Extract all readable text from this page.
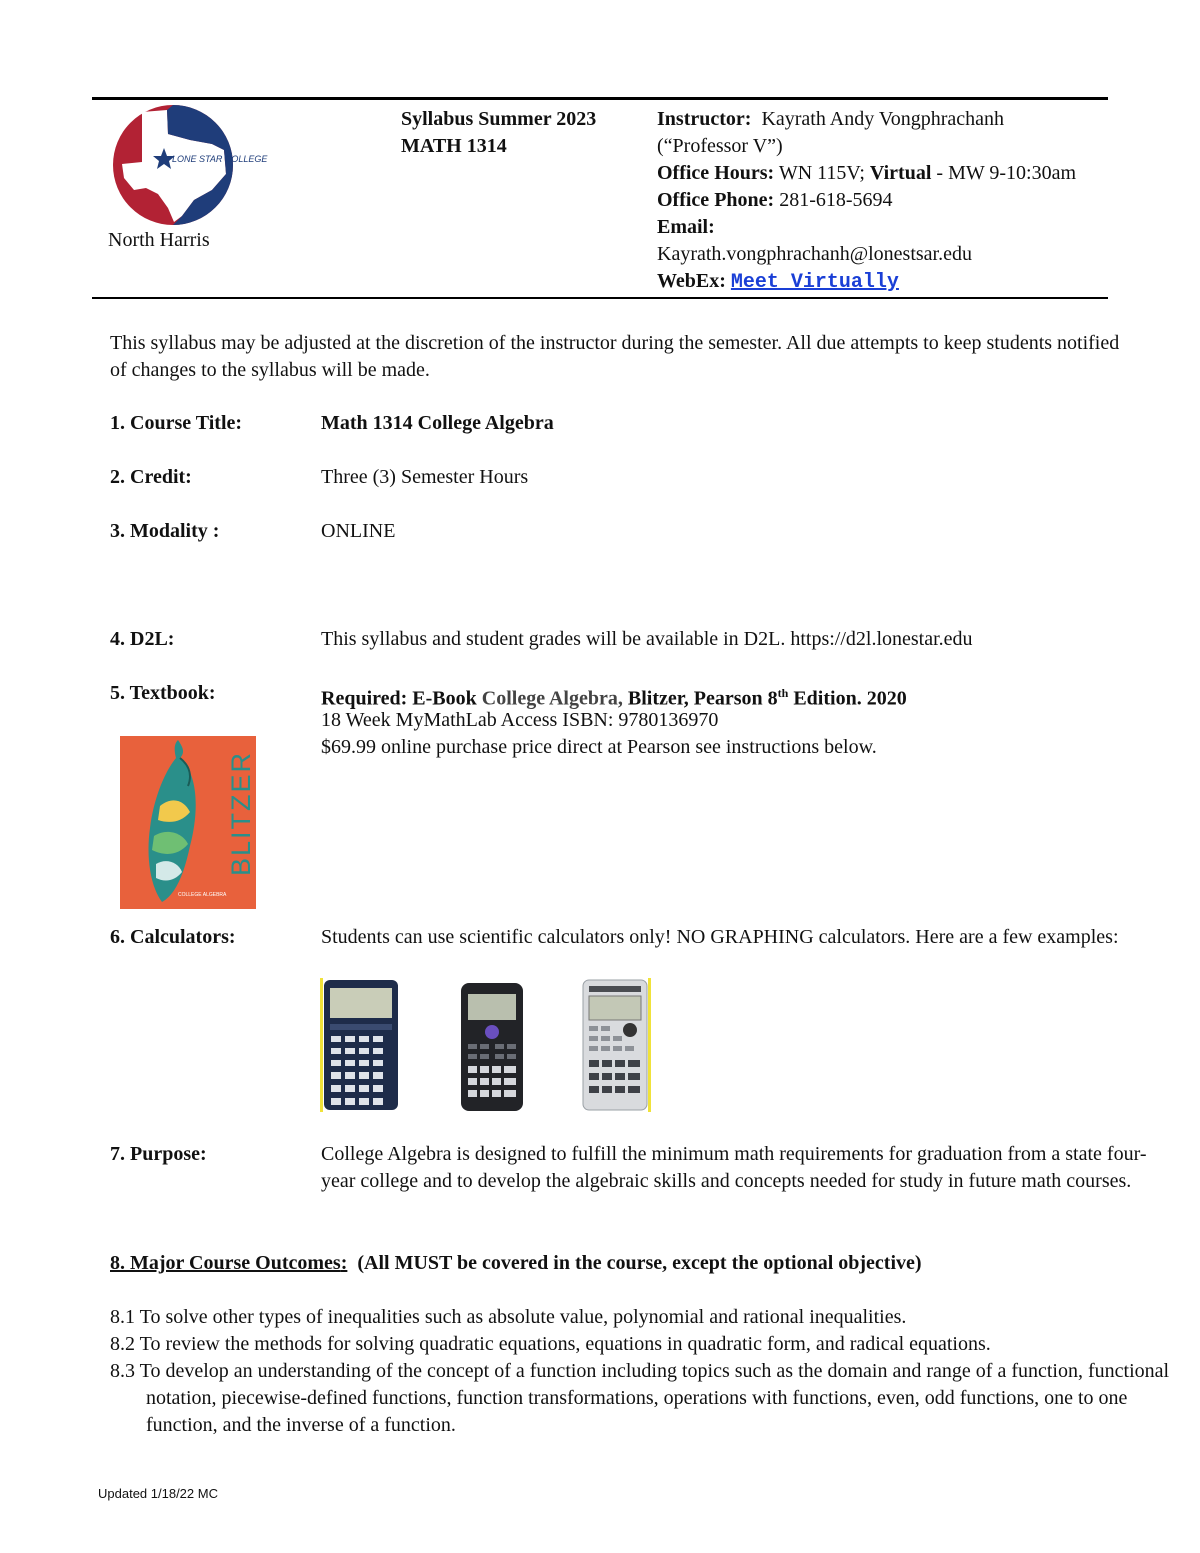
LONE STAR COLLEGE
North Harris
Syllabus Summer 2023
MATH 1314
Instructor: Kayrath Andy Vongphrachanh
(“Professor V”)
Office Hours: WN 115V; Virtual - MW 9-10:30am
Office Phone: 281-618-5694
Email:
Kayrath.vongphrachanh@lonestsar.edu
WebEx: Meet Virtually
This syllabus may be adjusted at the discretion of the instructor during the semester. All due attempts to keep students notified of changes to the syllabus will be made.
1. Course Title:	Math 1314 College Algebra
2. Credit:	Three (3) Semester Hours
3. Modality :	ONLINE
4. D2L:	This syllabus and student grades will be available in D2L. https://d2l.lonestar.edu
5. Textbook:	Required: E-Book College Algebra, Blitzer, Pearson 8th Edition. 2020
18 Week MyMathLab Access ISBN: 9780136970
$69.99 online purchase price direct at Pearson see instructions below.
BLITZER
COLLEGE ALGEBRA
6. Calculators:	Students can use scientific calculators only! NO GRAPHING calculators. Here are a few examples:
7. Purpose:	College Algebra is designed to fulfill the minimum math requirements for graduation from a state four-year college and to develop the algebraic skills and concepts needed for study in future math courses.
8. Major Course Outcomes: (All MUST be covered in the course, except the optional objective)
8.1 To solve other types of inequalities such as absolute value, polynomial and rational inequalities.
8.2 To review the methods for solving quadratic equations, equations in quadratic form, and radical equations.
8.3 To develop an understanding of the concept of a function including topics such as the domain and range of a function, functional notation, piecewise-defined functions, function transformations, operations with functions, even, odd functions, one to one function, and the inverse of a function.
Updated 1/18/22 MC
